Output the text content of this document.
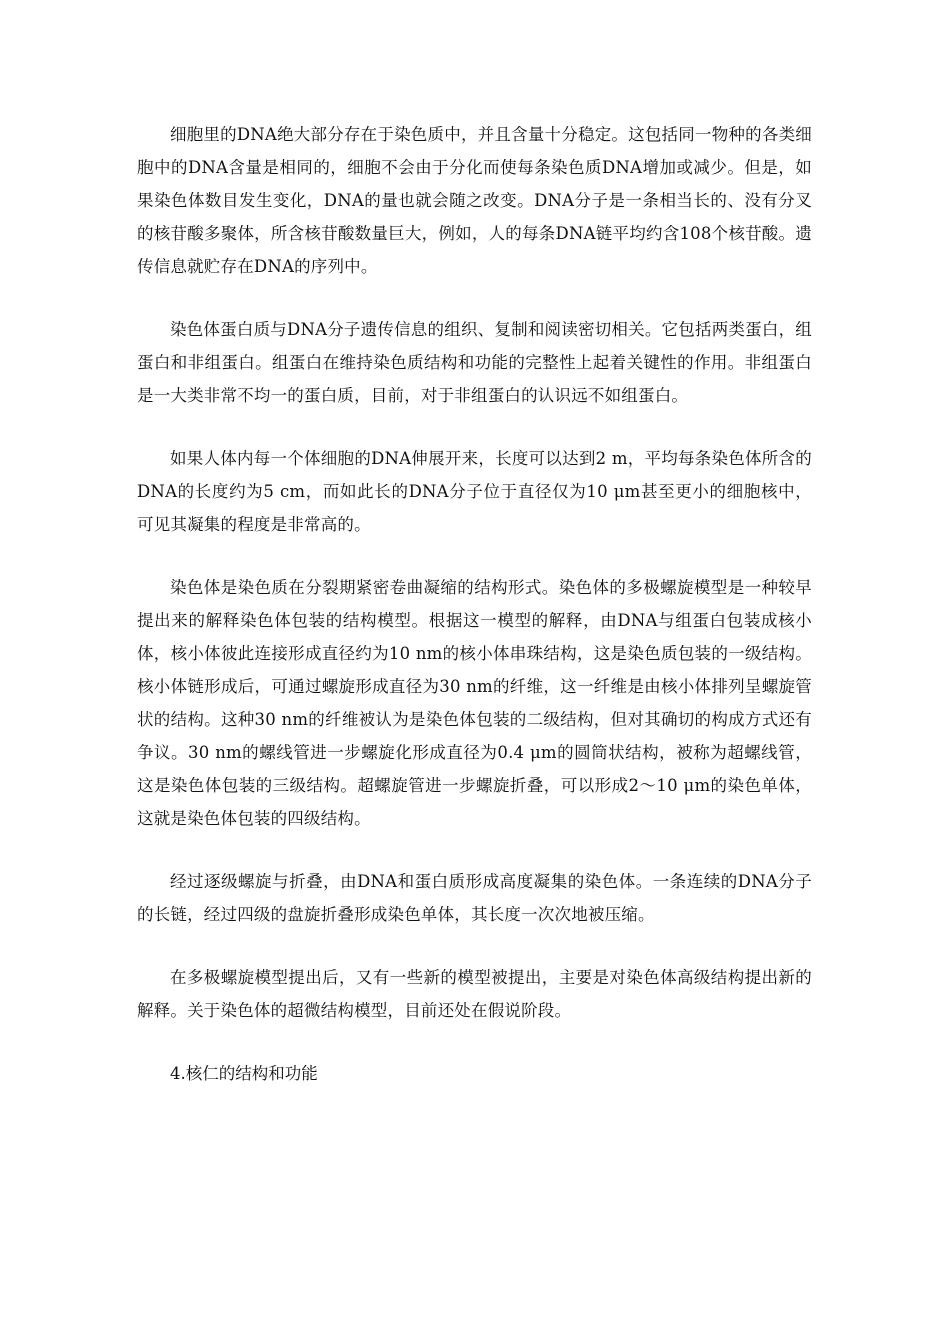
细胞里的DNA绝大部分存在于染色质中，并且含量十分稳定。这包括同一物种的各类细胞中的DNA含量是相同的，细胞不会由于分化而使每条染色质DNA增加或减少。但是，如果染色体数目发生变化，DNA的量也就会随之改变。DNA分子是一条相当长的、没有分叉的核苷酸多聚体，所含核苷酸数量巨大，例如，人的每条DNA链平均约含108个核苷酸。遗传信息就贮存在DNA的序列中。

染色体蛋白质与DNA分子遗传信息的组织、复制和阅读密切相关。它包括两类蛋白，组蛋白和非组蛋白。组蛋白在维持染色质结构和功能的完整性上起着关键性的作用。非组蛋白是一大类非常不均一的蛋白质，目前，对于非组蛋白的认识远不如组蛋白。

如果人体内每一个体细胞的DNA伸展开来，长度可以达到2 m，平均每条染色体所含的DNA的长度约为5 cm，而如此长的DNA分子位于直径仅为10 μm甚至更小的细胞核中，可见其凝集的程度是非常高的。

染色体是染色质在分裂期紧密卷曲凝缩的结构形式。染色体的多极螺旋模型是一种较早提出来的解释染色体包装的结构模型。根据这一模型的解释，由DNA与组蛋白包装成核小体，核小体彼此连接形成直径约为10 nm的核小体串珠结构，这是染色质包装的一级结构。核小体链形成后，可通过螺旋形成直径为30 nm的纤维，这一纤维是由核小体排列呈螺旋管状的结构。这种30 nm的纤维被认为是染色体包装的二级结构，但对其确切的构成方式还有争议。30 nm的螺线管进一步螺旋化形成直径为0.4 μm的圆筒状结构，被称为超螺线管，这是染色体包装的三级结构。超螺旋管进一步螺旋折叠，可以形成2～10 μm的染色单体，这就是染色体包装的四级结构。

经过逐级螺旋与折叠，由DNA和蛋白质形成高度凝集的染色体。一条连续的DNA分子的长链，经过四级的盘旋折叠形成染色单体，其长度一次次地被压缩。

在多极螺旋模型提出后，又有一些新的模型被提出，主要是对染色体高级结构提出新的解释。关于染色体的超微结构模型，目前还处在假说阶段。

4.核仁的结构和功能
